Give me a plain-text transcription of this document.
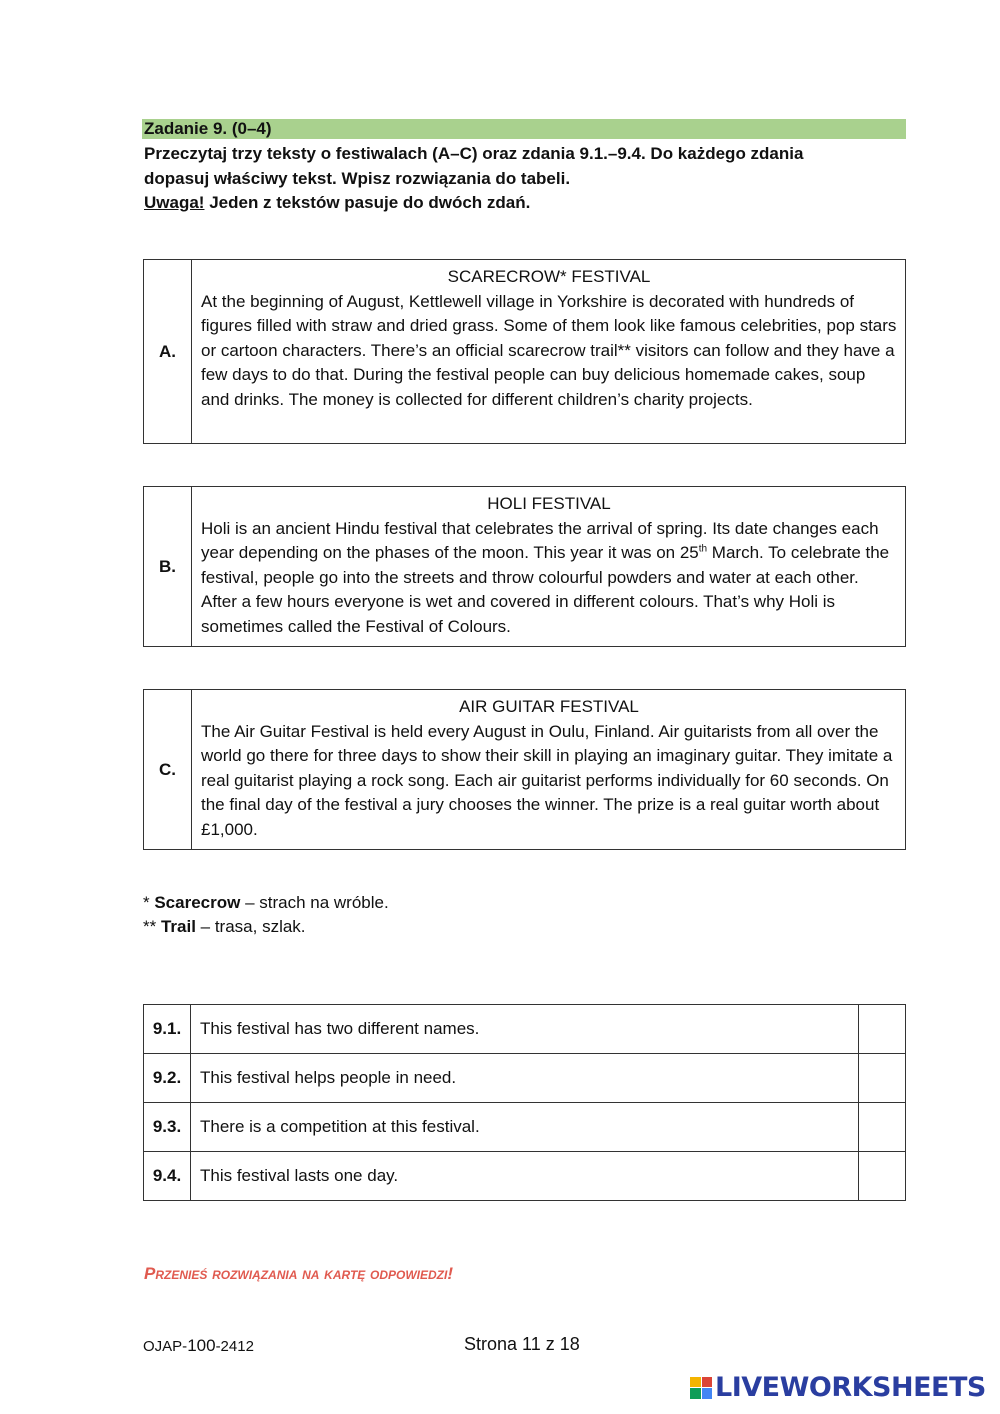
Zadanie 9. (0–4)
Przeczytaj trzy teksty o festiwalach (A–C) oraz zdania 9.1.–9.4. Do każdego zdania
dopasuj właściwy tekst. Wpisz rozwiązania do tabeli.
Uwaga! Jeden z tekstów pasuje do dwóch zdań.
A.
SCARECROW* FESTIVAL
At the beginning of August, Kettlewell village in Yorkshire is decorated with hundreds of figures filled with straw and dried grass. Some of them look like famous celebrities, pop stars or cartoon characters. There’s an official scarecrow trail** visitors can follow and they have a few days to do that. During the festival people can buy delicious homemade cakes, soup and drinks. The money is collected for different children’s charity projects.
B.
HOLI FESTIVAL
Holi is an ancient Hindu festival that celebrates the arrival of spring. Its date changes each year depending on the phases of the moon. This year it was on 25th March. To celebrate the festival, people go into the streets and throw colourful powders and water at each other. After a few hours everyone is wet and covered in different colours. That’s why Holi is sometimes called the Festival of Colours.
C.
AIR GUITAR FESTIVAL
The Air Guitar Festival is held every August in Oulu, Finland. Air guitarists from all over the world go there for three days to show their skill in playing an imaginary guitar. They imitate a real guitarist playing a rock song. Each air guitarist performs individually for 60 seconds. On the final day of the festival a jury chooses the winner. The prize is a real guitar worth about £1,000.
* Scarecrow – strach na wróble.
** Trail – trasa, szlak.
9.1.	This festival has two different names.	
9.2.	This festival helps people in need.	
9.3.	There is a competition at this festival.	
9.4.	This festival lasts one day.	
Przenieś rozwiązania na kartę odpowiedzi!
OJAP-100-2412	Strona 11 z 18
LIVEWORKSHEETS
